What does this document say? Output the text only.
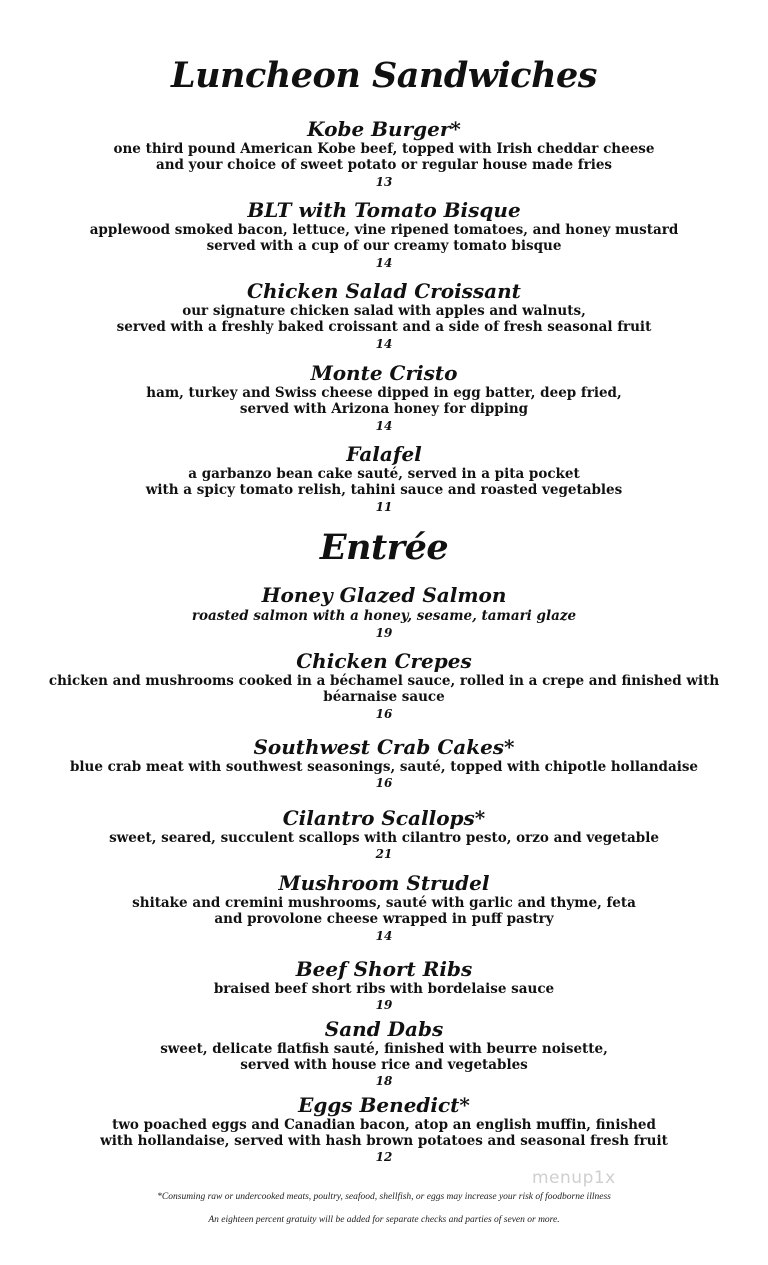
Luncheon Sandwiches
Kobe Burger*
one third pound American Kobe beef, topped with Irish cheddar cheese
and your choice of sweet potato or regular house made fries
13
BLT with Tomato Bisque
applewood smoked bacon, lettuce, vine ripened tomatoes, and honey mustard
served with a cup of our creamy tomato bisque
14
Chicken Salad Croissant
our signature chicken salad with apples and walnuts,
served with a freshly baked croissant and a side of fresh seasonal fruit
14
Monte Cristo
ham, turkey and Swiss cheese dipped in egg batter, deep fried,
served with Arizona honey for dipping
14
Falafel
a garbanzo bean cake sauté, served in a pita pocket
with a spicy tomato relish, tahini sauce and roasted vegetables
11
Entrée
Honey Glazed Salmon
roasted salmon with a honey, sesame, tamari glaze
19
Chicken Crepes
chicken and mushrooms cooked in a béchamel sauce, rolled in a crepe and finished with
béarnaise sauce
16
Southwest Crab Cakes*
blue crab meat with southwest seasonings, sauté, topped with chipotle hollandaise
16
Cilantro Scallops*
sweet, seared, succulent scallops with cilantro pesto, orzo and vegetable
21
Mushroom Strudel
shitake and cremini mushrooms, sauté with garlic and thyme, feta
and provolone cheese wrapped in puff pastry
14
Beef Short Ribs
braised beef short ribs with bordelaise sauce
19
Sand Dabs
sweet, delicate flatfish sauté, finished with beurre noisette,
served with house rice and vegetables
18
Eggs Benedict*
two poached eggs and Canadian bacon, atop an english muffin, finished
with hollandaise, served with hash brown potatoes and seasonal fresh fruit
12
menup1x
*Consuming raw or undercooked meats, poultry, seafood, shellfish, or eggs may increase your risk of foodborne illness
An eighteen percent gratuity will be added for separate checks and parties of seven or more.
